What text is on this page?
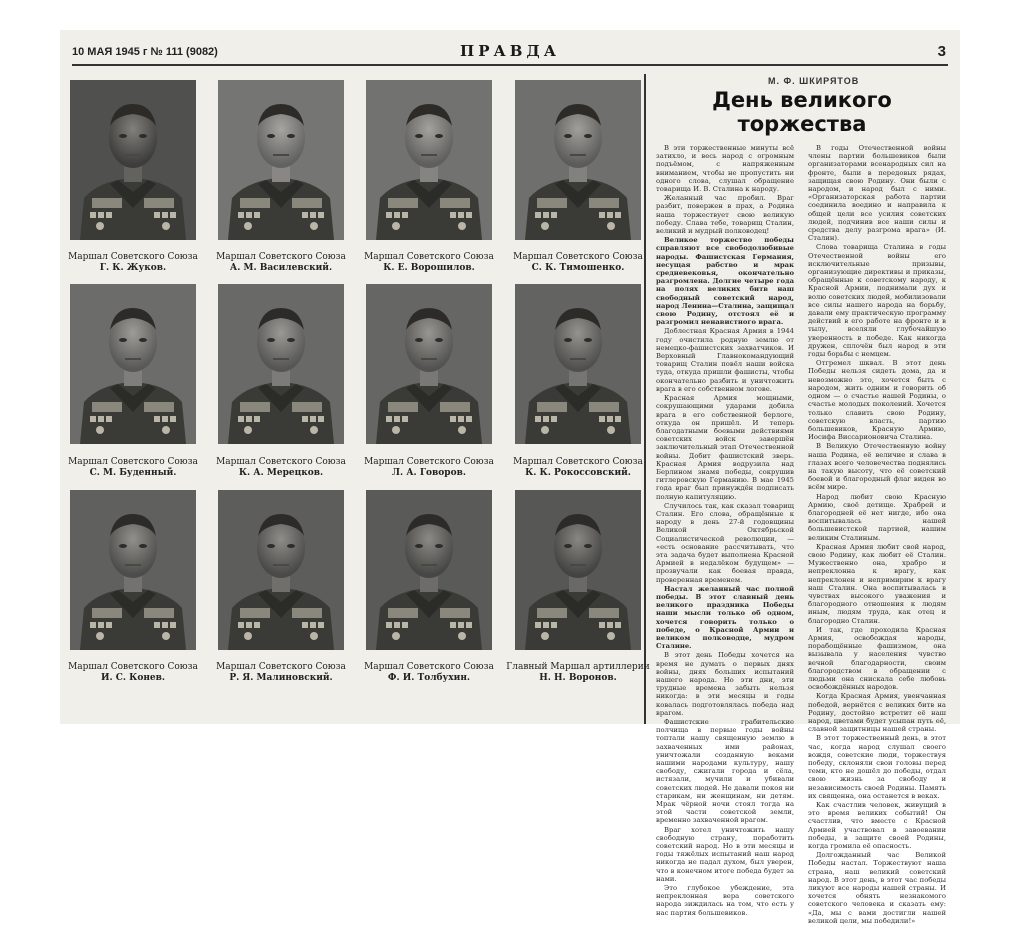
10 МАЯ 1945 г № 111 (9082)	ПРАВДА	3
Маршал Советского Союза
Г. К. Жуков.
Маршал Советского Союза
А. М. Василевский.
Маршал Советского Союза
К. Е. Ворошилов.
Маршал Советского Союза
С. К. Тимошенко.
Маршал Советского Союза
С. М. Буденный.
Маршал Советского Союза
К. А. Мерецков.
Маршал Советского Союза
Л. А. Говоров.
Маршал Советского Союза
К. К. Рокоссовский.
Маршал Советского Союза
И. С. Конев.
Маршал Советского Союза
Р. Я. Малиновский.
Маршал Советского Союза
Ф. И. Толбухин.
Главный Маршал артиллерии
Н. Н. Воронов.
М. Ф. ШКИРЯТОВ
День великого торжества

В эти торжественные минуты всё затихло, и весь народ с огромным подъёмом, с напряженным вниманием, чтобы не пропустить ни одного слова, слушал обращение товарища И. В. Сталина к народу.

Желанный час пробил. Враг разбит, повержен в прах, а Родина наша торжествует свою великую победу. Слава тебе, товарищ Сталин, великий и мудрый полководец!

Великое торжество победы справляют все свободолюбивые народы. Фашистская Германия, несущая рабство и мрак средневековья, окончательно разгромлена. Долгие четыре года на полях великих битв наш свободный советский народ, народ Ленина—Сталина, защищал свою Родину, отстоял её и разгромил ненавистного врага.

Доблестная Красная Армия в 1944 году очистила родную землю от немецко-фашистских захватчиков. И Верховный Главнокомандующий товарищ Сталин повёл наши войска туда, откуда пришли фашисты, чтобы окончательно разбить и уничтожить врага в его собственном логове.

Красная Армия мощными, сокрушающими ударами добила врага в его собственной берлоге, откуда он пришёл. И теперь благодатными боевыми действиями советских войск завершён заключительный этап Отечественной войны. Добит фашистский зверь. Красная Армия водрузила над Берлином знамя победы, сокрушив гитлеровскую Германию. В мае 1945 года враг был принуждён подписать полную капитуляцию.

Случилось так, как сказал товарищ Сталин. Его слова, обращённые к народу в день 27-й годовщины Великой Октябрьской Социалистической революции, — «есть основание рассчитывать, что эта задача будет выполнена Красной Армией в недалёком будущем» — прозвучали как боевая правда, проверенная временем.

Настал желанный час полной победы. В этот славный день великого праздника Победы наши мысли только об одном, хочется говорить только о победе, о Красной Армии и великом полководце, мудром Сталине.

В этот день Победы хочется на время не думать о первых днях войны, днях больших испытаний нашего народа. Но эти дни, эти трудные времена забыть нельзя никогда: в эти месяцы и годы ковалась подготовлялась победа над врагом.

Фашистские грабительские полчища в первые годы войны топтали нашу священную землю в захваченных ими районах, уничтожали созданную веками нашими народами культуру, нашу свободу, сжигали города и сёла, истязали, мучили и убивали советских людей. Не давали покоя ни старикам, ни женщинам, ни детям. Мрак чёрной ночи стоял тогда на этой части советской земли, временно захваченной врагом.

Враг хотел уничтожить нашу свободную страну, поработить советский народ. Но в эти месяцы и годы тяжёлых испытаний наш народ никогда не падал духом, был уверен, что в конечном итоге победа будет за нами.

Это глубокое убеждение, эта непреклонная вера советского народа зиждилась на том, что есть у нас партия большевиков.

В годы Отечественной войны члены партии большевиков были организаторами всенародных сил на фронте, были в передовых рядах, защищая свою Родину. Они были с народом, и народ был с ними. «Организаторская работа партии соединила воедино и направила к общей цели все усилия советских людей, подчинив все наши силы и средства делу разгрома врага» (И. Сталин).

Слова товарища Сталина в годы Отечественной войны его исключительные призывы, организующие директивы и приказы, обращённые к советскому народу, к Красной Армии, поднимали дух и волю советских людей, мобилизовали все силы нашего народа на борьбу, давали ему практическую программу действий в его работе на фронте и в тылу, вселяли глубочайшую уверенность в победе. Как никогда дружен, сплочён был народ в эти годы борьбы с немцем.

Отгремел шквал. В этот день Победы нельзя сидеть дома, да и невозможно это, хочется быть с народом, жить одним и говорить об одном — о счастье нашей Родины, о счастье молодых поколений. Хочется только славить свою Родину, советскую власть, партию большевиков, Красную Армию, Иосифа Виссарионовича Сталина.

В Великую Отечественную войну наша Родина, её величие и слава в глазах всего человечества поднялись на такую высоту, что её советский боевой и благородный флаг виден во всём мире.

Народ любит свою Красную Армию, своё детище. Храбрей и благородней её нет нигде, ибо она воспитывалась нашей большевистской партией, нашим великим Сталиным.

Красная Армия любит свой народ, свою Родину, как любит её Сталин. Мужественно она, храбро и непреклонна к врагу, как непреклонен и непримирим к врагу наш Сталин. Она воспитывалась в чувствах высокого уважения и благородного отношения к людям иным, людям труда, как отец и благородно Сталин.

И так, где проходила Красная Армия, освобождая народы, порабощённые фашизмом, она вызывала у населения чувство вечной благодарности, своим благородством в обращении с людьми она снискала себе любовь освобождённых народов.

Когда Красная Армия, увенчанная победой, вернётся с великих битв на Родину, достойно встретит её наш народ, цветами будет усыпан путь её, славной защитницы нашей страны.

В этот торжественный день, в этот час, когда народ слушал своего вождя, советские люди, торжествуя победу, склоняли свои головы перед теми, кто не дошёл до победы, отдал свою жизнь за свободу и независимость своей Родины. Память их священна, она останется в веках.

Как счастлив человек, живущий в это время великих событий! Он счастлив, что вместе с Красной Армией участвовал в завоевании победы, в защите своей Родины, когда громила её опасность.

Долгожданный час Великой Победы настал. Торжествуют наша страна, наш великий советский народ. В этот день, в этот час победы ликуют все народы нашей страны. И хочется обнять незнакомого советского человека и сказать ему: «Да, мы с вами достигли нашей великой цели, мы победили!»
